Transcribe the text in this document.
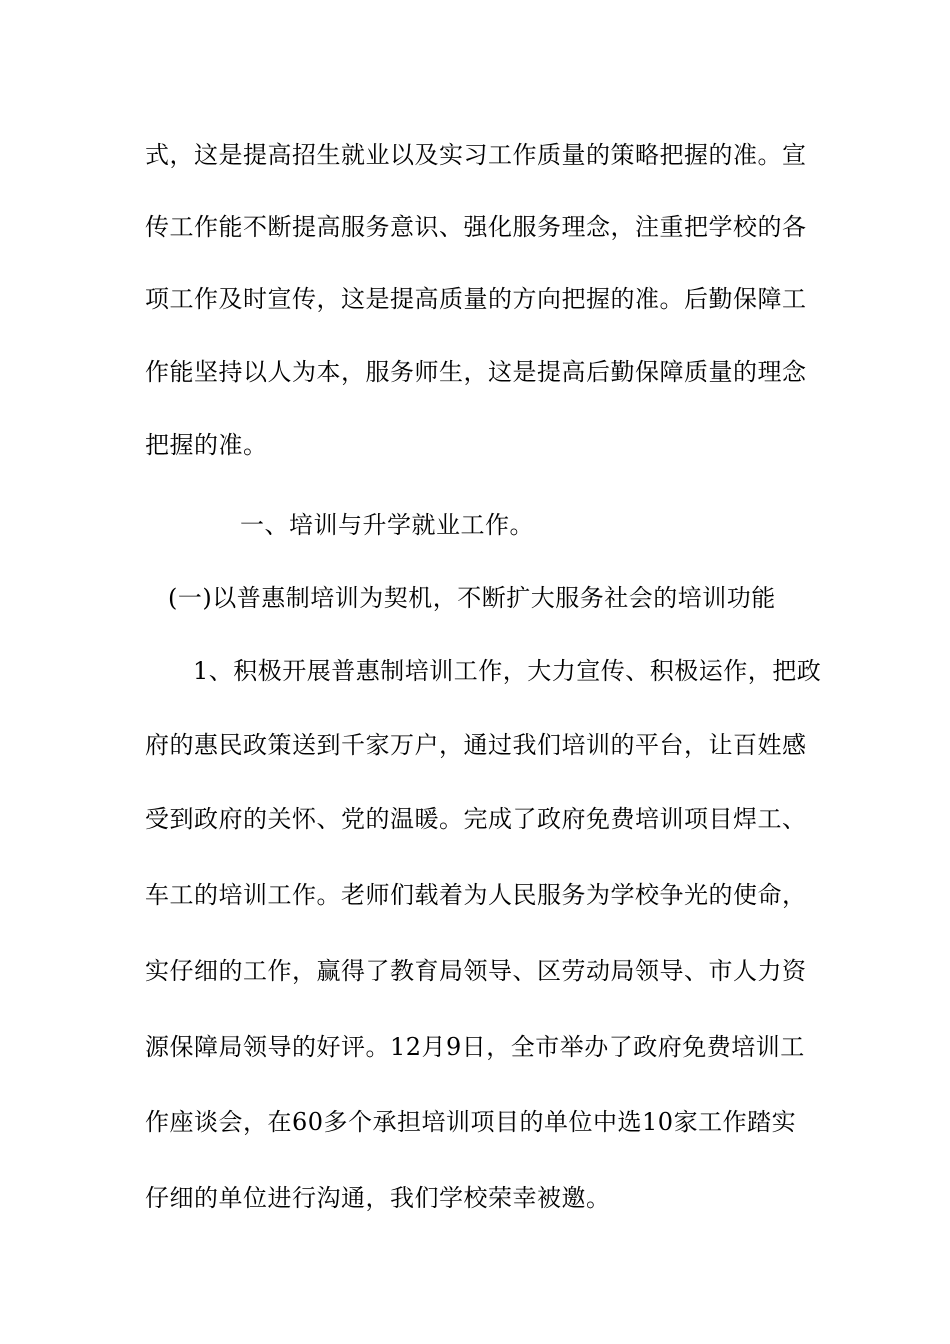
式，这是提高招生就业以及实习工作质量的策略把握的准。宣
传工作能不断提高服务意识、强化服务理念，注重把学校的各
项工作及时宣传，这是提高质量的方向把握的准。后勤保障工
作能坚持以人为本，服务师生，这是提高后勤保障质量的理念
把握的准。
一、培训与升学就业工作。
(一)以普惠制培训为契机，不断扩大服务社会的培训功能
1、积极开展普惠制培训工作，大力宣传、积极运作，把政
府的惠民政策送到千家万户，通过我们培训的平台，让百姓感
受到政府的关怀、党的温暖。完成了政府免费培训项目焊工、
车工的培训工作。老师们载着为人民服务为学校争光的使命，
实仔细的工作，赢得了教育局领导、区劳动局领导、市人力资
源保障局领导的好评。12月9日，全市举办了政府免费培训工
作座谈会，在60多个承担培训项目的单位中选10家工作踏实
仔细的单位进行沟通，我们学校荣幸被邀。
